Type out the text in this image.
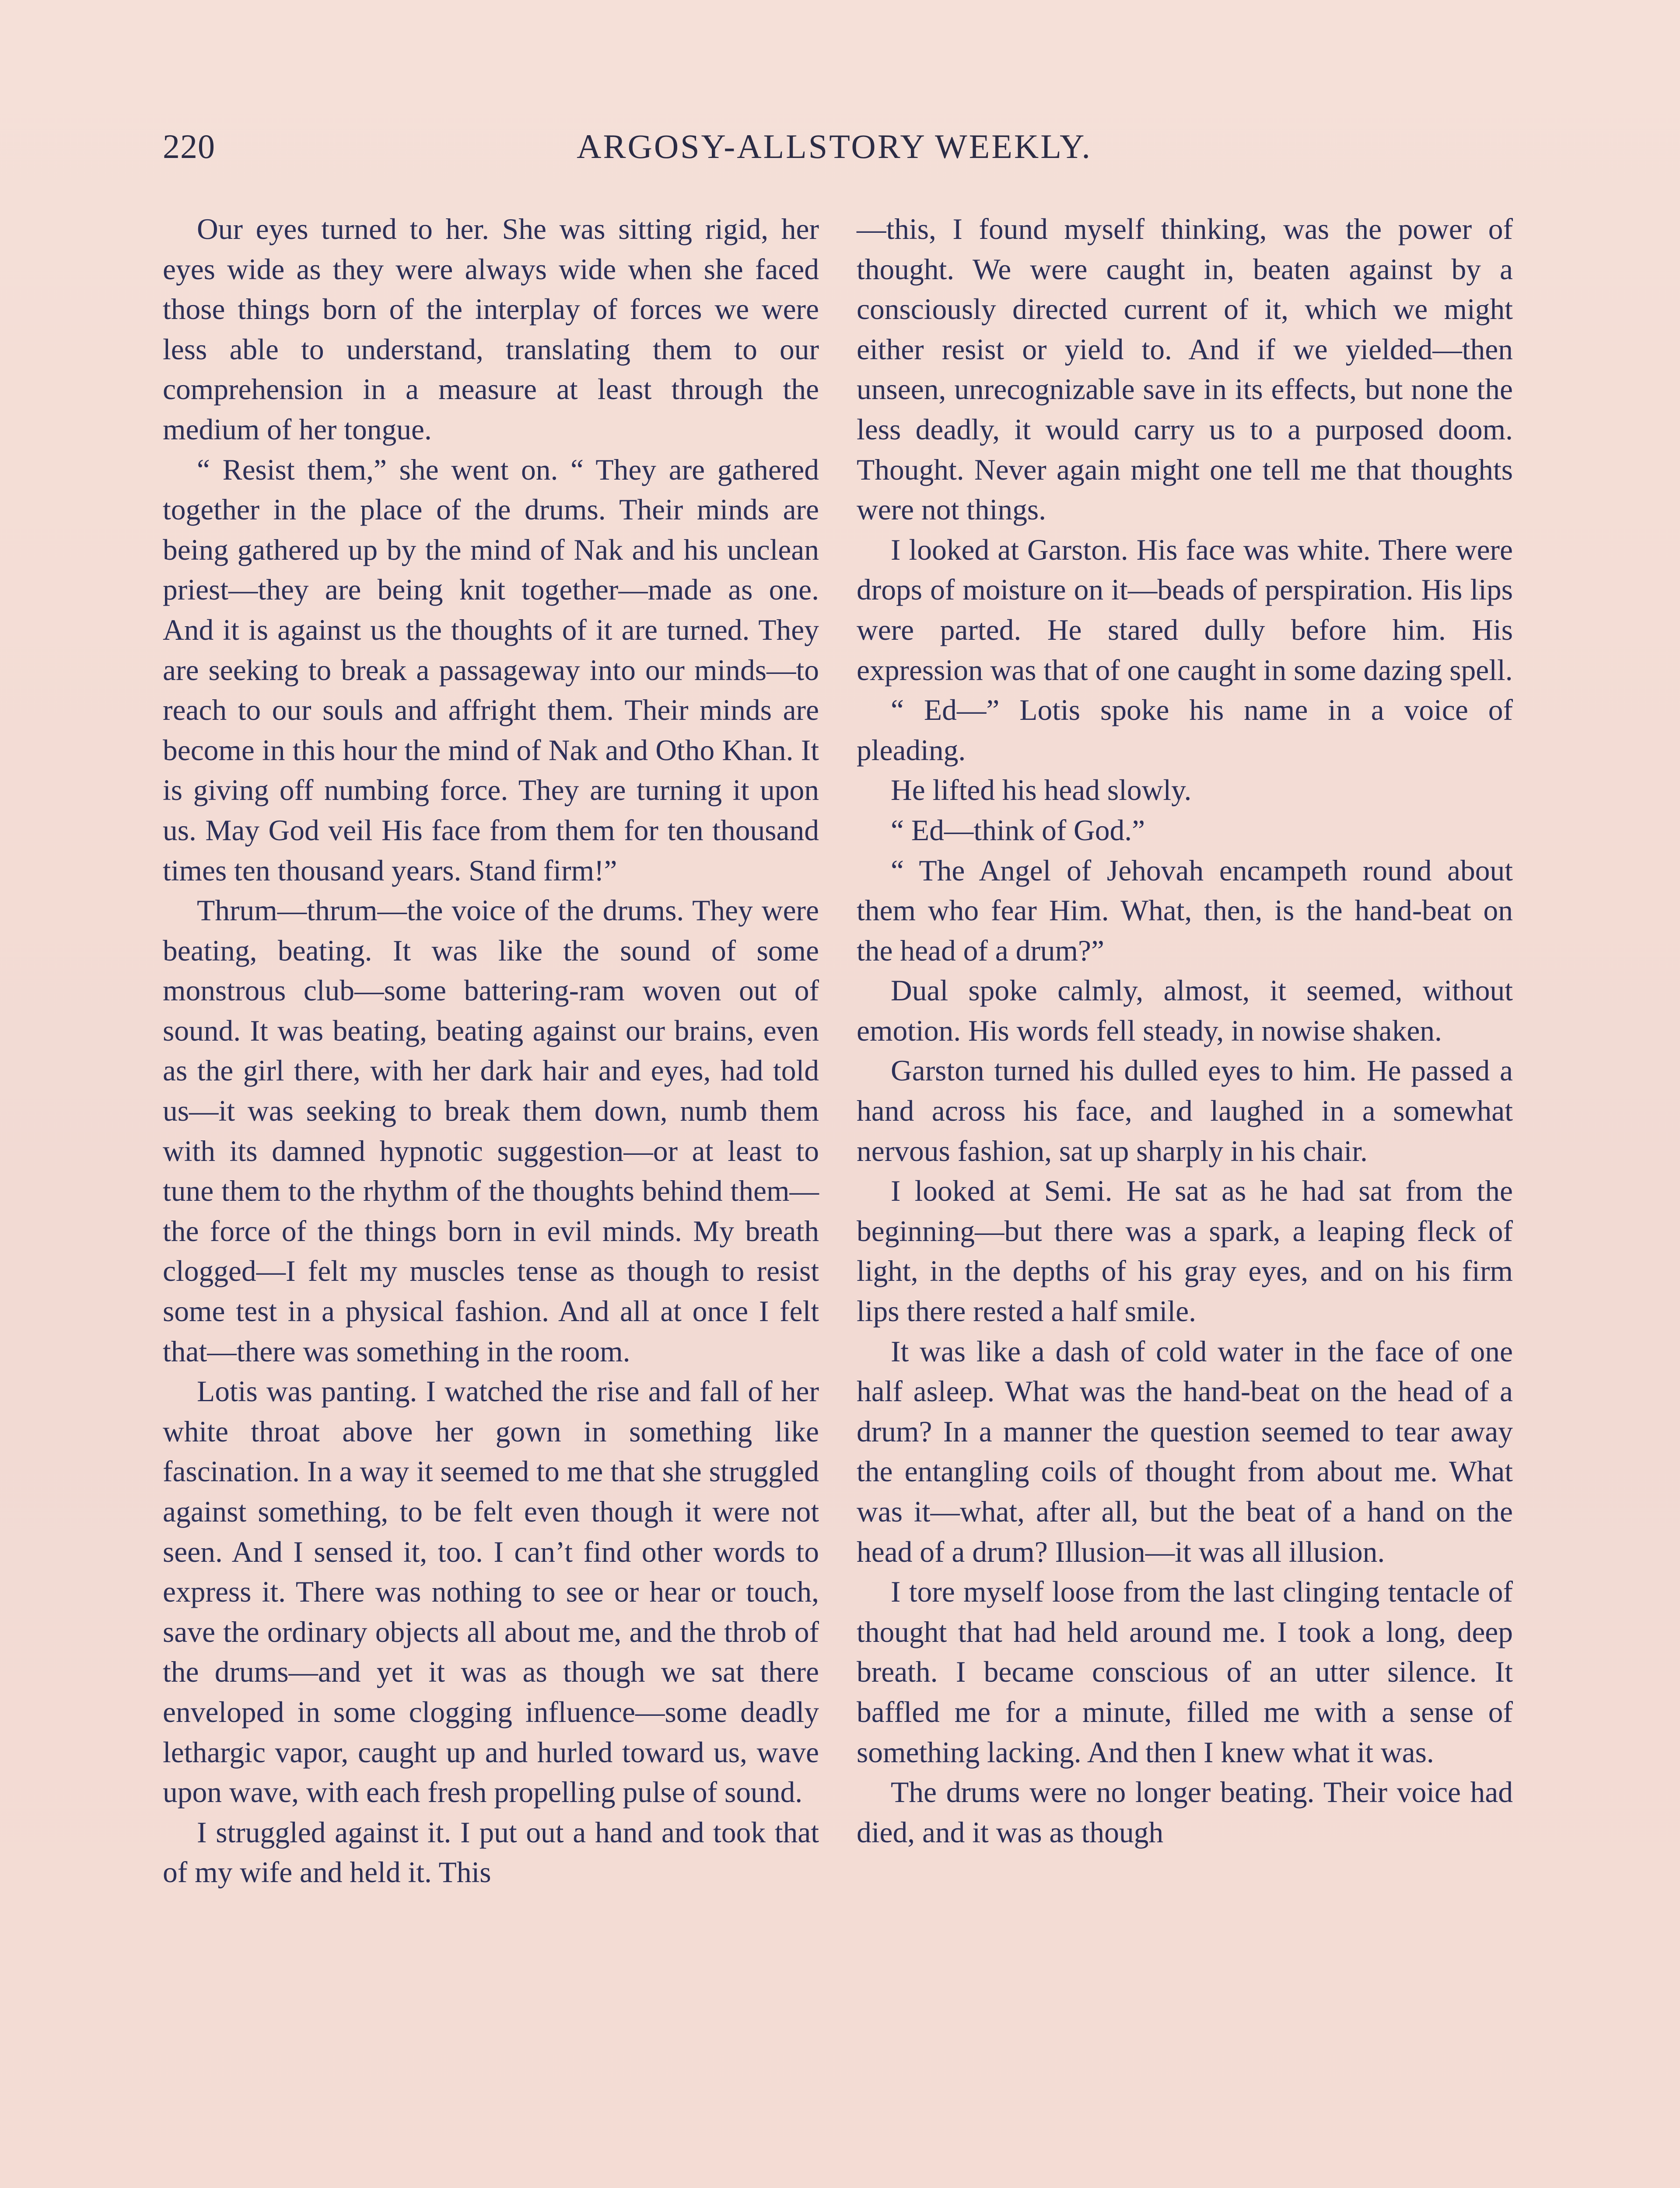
220	ARGOSY-ALLSTORY WEEKLY.

Our eyes turned to her. She was sitting rigid, her eyes wide as they were always wide when she faced those things born of the interplay of forces we were less able to understand, translating them to our comprehension in a measure at least through the medium of her tongue.

“ Resist them,” she went on. “ They are gathered together in the place of the drums. Their minds are being gathered up by the mind of Nak and his unclean priest—they are being knit together—made as one. And it is against us the thoughts of it are turned. They are seeking to break a passageway into our minds—to reach to our souls and affright them. Their minds are become in this hour the mind of Nak and Otho Khan. It is giving off numbing force. They are turning it upon us. May God veil His face from them for ten thousand times ten thousand years. Stand firm!”

Thrum—thrum—the voice of the drums. They were beating, beating. It was like the sound of some monstrous club—some battering-ram woven out of sound. It was beating, beating against our brains, even as the girl there, with her dark hair and eyes, had told us—it was seeking to break them down, numb them with its damned hypnotic suggestion—or at least to tune them to the rhythm of the thoughts behind them—the force of the things born in evil minds. My breath clogged—I felt my muscles tense as though to resist some test in a physical fashion. And all at once I felt that—there was something in the room.

Lotis was panting. I watched the rise and fall of her white throat above her gown in something like fascination. In a way it seemed to me that she struggled against something, to be felt even though it were not seen. And I sensed it, too. I can’t find other words to express it. There was nothing to see or hear or touch, save the ordinary objects all about me, and the throb of the drums—and yet it was as though we sat there enveloped in some clogging influence—some deadly lethargic vapor, caught up and hurled toward us, wave upon wave, with each fresh propelling pulse of sound.

I struggled against it. I put out a hand and took that of my wife and held it. This

—this, I found myself thinking, was the power of thought. We were caught in, beaten against by a consciously directed current of it, which we might either resist or yield to. And if we yielded—then unseen, unrecognizable save in its effects, but none the less deadly, it would carry us to a purposed doom. Thought. Never again might one tell me that thoughts were not things.

I looked at Garston. His face was white. There were drops of moisture on it—beads of perspiration. His lips were parted. He stared dully before him. His expression was that of one caught in some dazing spell.

“ Ed—” Lotis spoke his name in a voice of pleading.

He lifted his head slowly.

“ Ed—think of God.”

“ The Angel of Jehovah encampeth round about them who fear Him. What, then, is the hand-beat on the head of a drum?”

Dual spoke calmly, almost, it seemed, without emotion. His words fell steady, in nowise shaken.

Garston turned his dulled eyes to him. He passed a hand across his face, and laughed in a somewhat nervous fashion, sat up sharply in his chair.

I looked at Semi. He sat as he had sat from the beginning—but there was a spark, a leaping fleck of light, in the depths of his gray eyes, and on his firm lips there rested a half smile.

It was like a dash of cold water in the face of one half asleep. What was the hand-beat on the head of a drum? In a manner the question seemed to tear away the entangling coils of thought from about me. What was it—what, after all, but the beat of a hand on the head of a drum? Illusion—it was all illusion.

I tore myself loose from the last clinging tentacle of thought that had held around me. I took a long, deep breath. I became conscious of an utter silence. It baffled me for a minute, filled me with a sense of something lacking. And then I knew what it was.

The drums were no longer beating. Their voice had died, and it was as though
